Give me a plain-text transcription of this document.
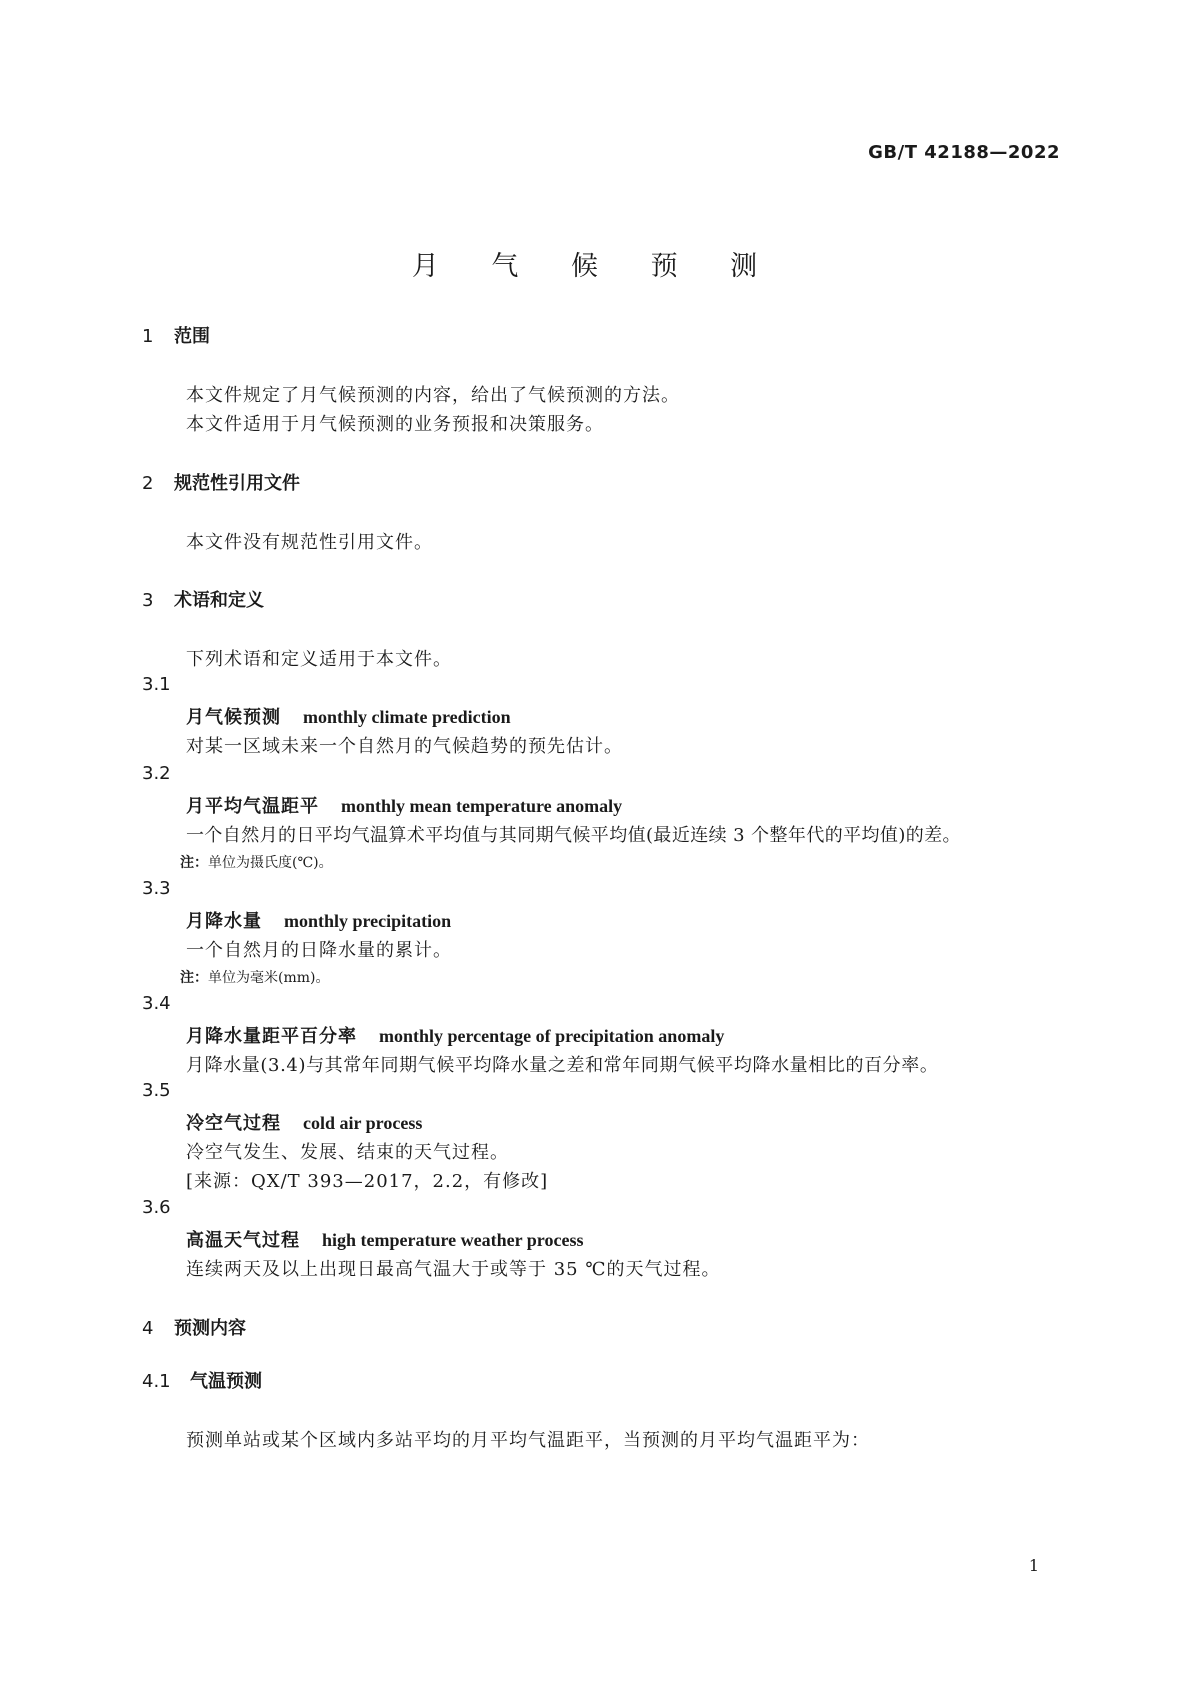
GB/T 42188—2022
月 气 候 预 测
1 范围
本文件规定了月气候预测的内容，给出了气候预测的方法。
本文件适用于月气候预测的业务预报和决策服务。
2 规范性引用文件
本文件没有规范性引用文件。
3 术语和定义
下列术语和定义适用于本文件。
3.1
月气候预测 monthly climate prediction
对某一区域未来一个自然月的气候趋势的预先估计。
3.2
月平均气温距平 monthly mean temperature anomaly
一个自然月的日平均气温算术平均值与其同期气候平均值(最近连续 3 个整年代的平均值)的差。
注：单位为摄氏度(℃)。
3.3
月降水量 monthly precipitation
一个自然月的日降水量的累计。
注：单位为毫米(mm)。
3.4
月降水量距平百分率 monthly percentage of precipitation anomaly
月降水量(3.4)与其常年同期气候平均降水量之差和常年同期气候平均降水量相比的百分率。
3.5
冷空气过程 cold air process
冷空气发生、发展、结束的天气过程。
[来源：QX/T 393—2017，2.2，有修改]
3.6
高温天气过程 high temperature weather process
连续两天及以上出现日最高气温大于或等于 35 ℃的天气过程。
4 预测内容
4.1 气温预测
预测单站或某个区域内多站平均的月平均气温距平，当预测的月平均气温距平为：
1
